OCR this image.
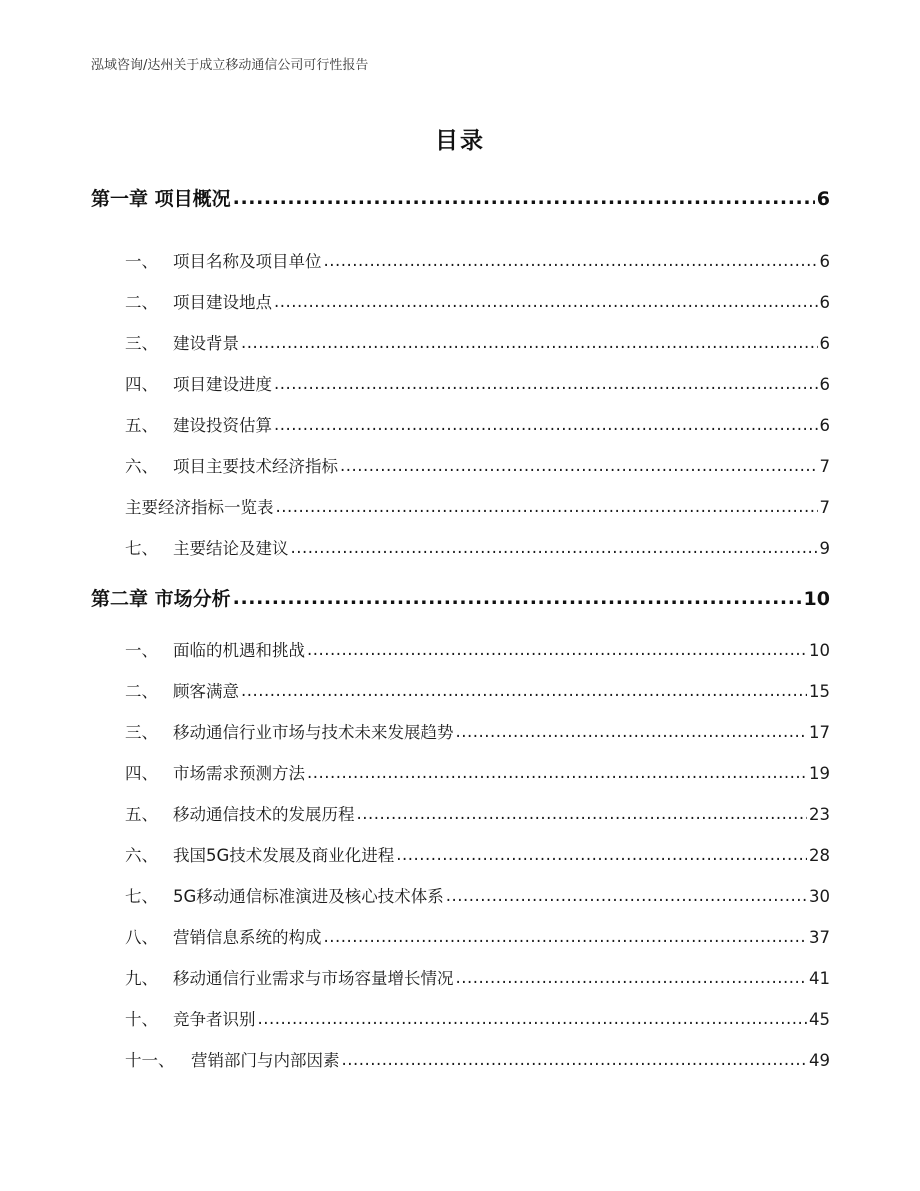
泓域咨询/达州关于成立移动通信公司可行性报告
目录
第一章 项目概况 .....	6
一、 项目名称及项目单位 .....	6
二、 项目建设地点 .....	6
三、 建设背景 .....	6
四、 项目建设进度 .....	6
五、 建设投资估算 .....	6
六、 项目主要技术经济指标 .....	7
主要经济指标一览表 .....	7
七、 主要结论及建议 .....	9
第二章 市场分析 .....	10
一、 面临的机遇和挑战 .....	10
二、 顾客满意 .....	15
三、 移动通信行业市场与技术未来发展趋势 .....	17
四、 市场需求预测方法 .....	19
五、 移动通信技术的发展历程 .....	23
六、 我国5G技术发展及商业化进程 .....	28
七、 5G移动通信标准演进及核心技术体系 .....	30
八、 营销信息系统的构成 .....	37
九、 移动通信行业需求与市场容量增长情况 .....	41
十、 竞争者识别 .....	45
十一、 营销部门与内部因素 .....	49
